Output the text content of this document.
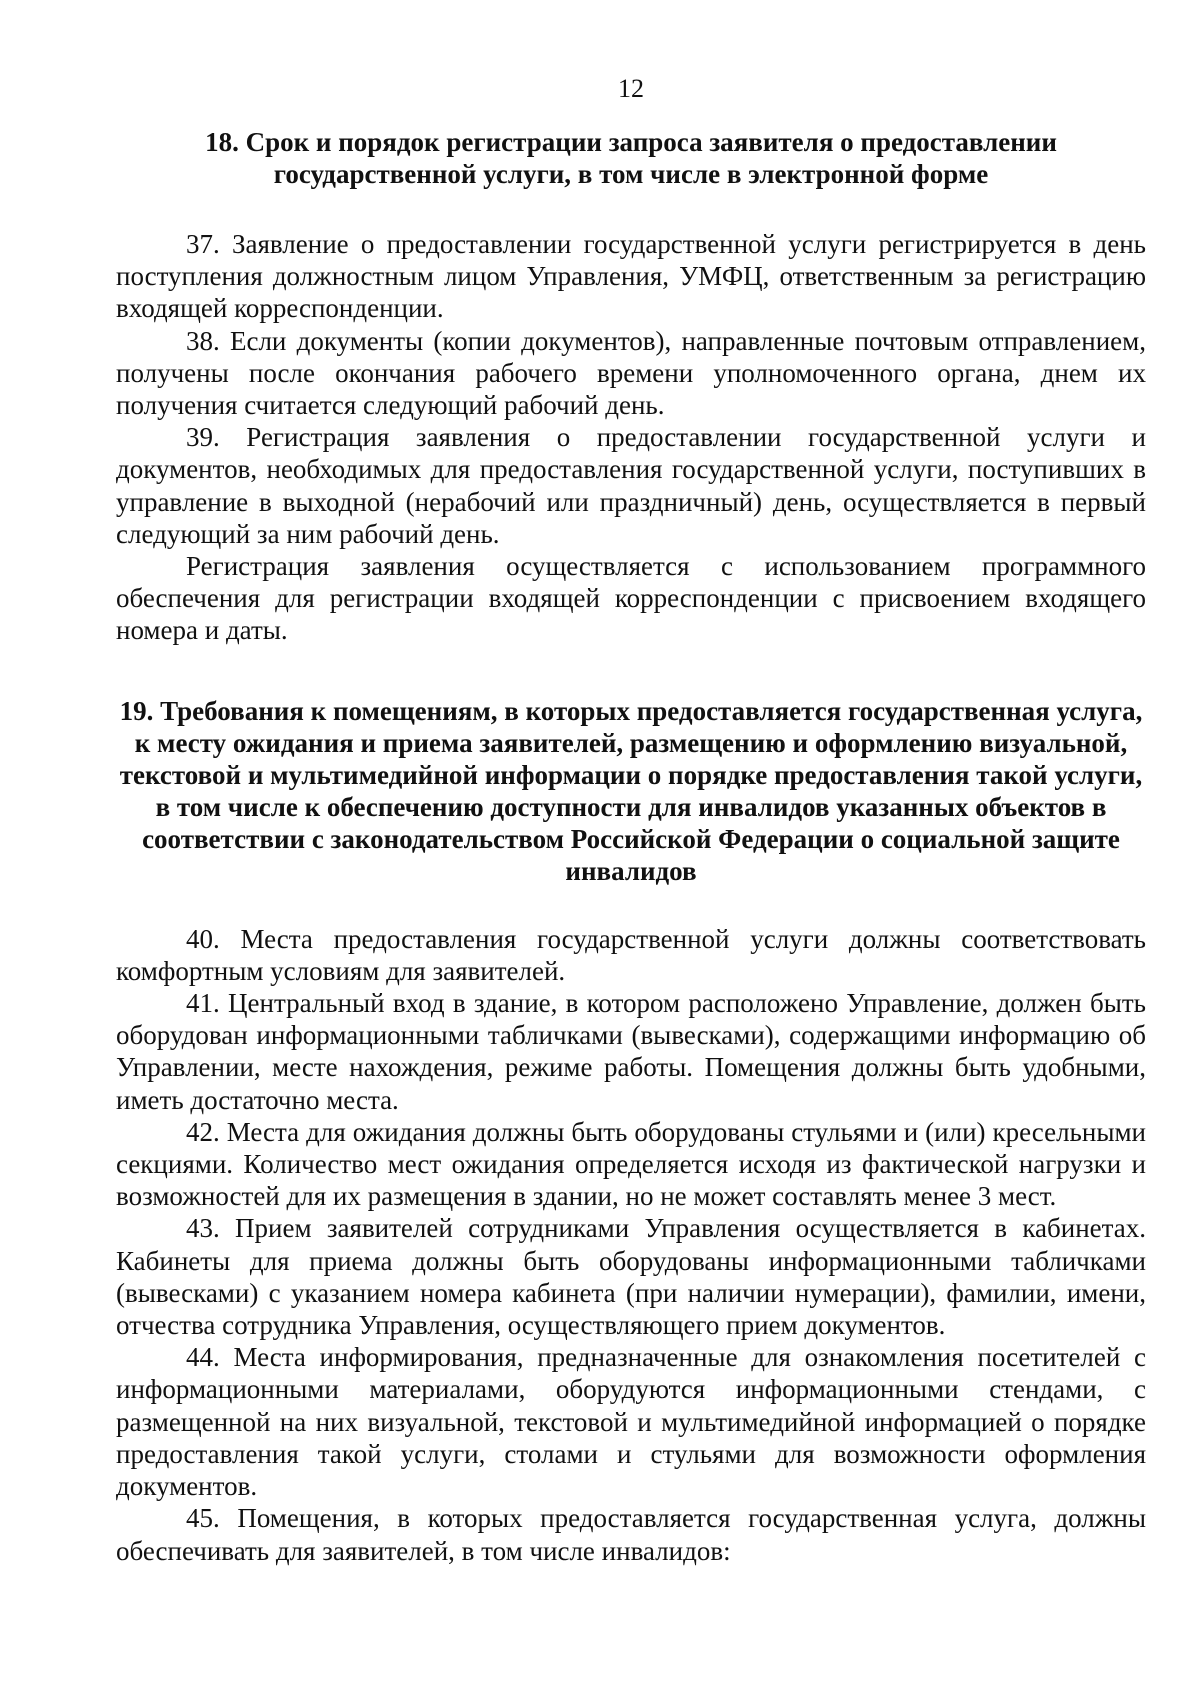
12

18. Срок и порядок регистрации запроса заявителя о предоставлении государственной услуги, в том числе в электронной форме

37. Заявление о предоставлении государственной услуги регистрируется в день поступления должностным лицом Управления, УМФЦ, ответственным за регистрацию входящей корреспонденции.

38. Если документы (копии документов), направленные почтовым отправлением, получены после окончания рабочего времени уполномоченного органа, днем их получения считается следующий рабочий день.

39. Регистрация заявления о предоставлении государственной услуги и документов, необходимых для предоставления государственной услуги, поступивших в управление в выходной (нерабочий или праздничный) день, осуществляется в первый следующий за ним рабочий день.

Регистрация заявления осуществляется с использованием программного обеспечения для регистрации входящей корреспонденции с присвоением входящего номера и даты.

19. Требования к помещениям, в которых предоставляется государственная услуга, к месту ожидания и приема заявителей, размещению и оформлению визуальной, текстовой и мультимедийной информации о порядке предоставления такой услуги, в том числе к обеспечению доступности для инвалидов указанных объектов в соответствии с законодательством Российской Федерации о социальной защите инвалидов

40. Места предоставления государственной услуги должны соответствовать комфортным условиям для заявителей.

41. Центральный вход в здание, в котором расположено Управление, должен быть оборудован информационными табличками (вывесками), содержащими информацию об Управлении, месте нахождения, режиме работы. Помещения должны быть удобными, иметь достаточно места.

42. Места для ожидания должны быть оборудованы стульями и (или) кресельными секциями. Количество мест ожидания определяется исходя из фактической нагрузки и возможностей для их размещения в здании, но не может составлять менее 3 мест.

43. Прием заявителей сотрудниками Управления осуществляется в кабинетах. Кабинеты для приема должны быть оборудованы информационными табличками (вывесками) с указанием номера кабинета (при наличии нумерации), фамилии, имени, отчества сотрудника Управления, осуществляющего прием документов.

44. Места информирования, предназначенные для ознакомления посетителей с информационными материалами, оборудуются информационными стендами, с размещенной на них визуальной, текстовой и мультимедийной информацией о порядке предоставления такой услуги, столами и стульями для возможности оформления документов.

45. Помещения, в которых предоставляется государственная услуга, должны обеспечивать для заявителей, в том числе инвалидов:
